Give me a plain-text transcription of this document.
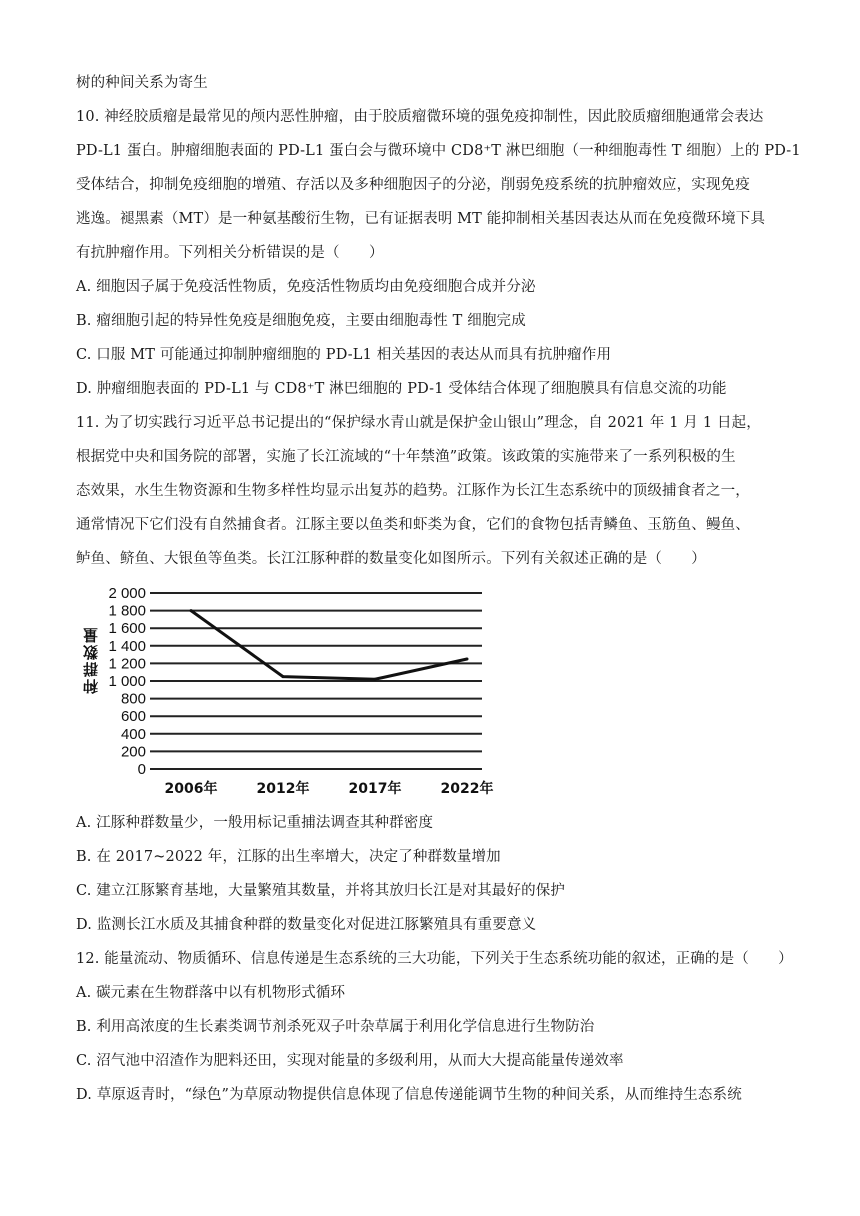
树的种间关系为寄生
10. 神经胶质瘤是最常见的颅内恶性肿瘤，由于胶质瘤微环境的强免疫抑制性，因此胶质瘤细胞通常会表达
PD-L1 蛋白。肿瘤细胞表面的 PD-L1 蛋白会与微环境中 CD8⁺T 淋巴细胞（一种细胞毒性 T 细胞）上的 PD-1
受体结合，抑制免疫细胞的增殖、存活以及多种细胞因子的分泌，削弱免疫系统的抗肿瘤效应，实现免疫
逃逸。褪黑素（MT）是一种氨基酸衍生物，已有证据表明 MT 能抑制相关基因表达从而在免疫微环境下具
有抗肿瘤作用。下列相关分析错误的是（　　）
A. 细胞因子属于免疫活性物质，免疫活性物质均由免疫细胞合成并分泌
B. 瘤细胞引起的特异性免疫是细胞免疫，主要由细胞毒性 T 细胞完成
C. 口服 MT 可能通过抑制肿瘤细胞的 PD-L1 相关基因的表达从而具有抗肿瘤作用
D. 肿瘤细胞表面的 PD-L1 与 CD8⁺T 淋巴细胞的 PD-1 受体结合体现了细胞膜具有信息交流的功能
11. 为了切实践行习近平总书记提出的“保护绿水青山就是保护金山银山”理念，自 2021 年 1 月 1 日起，
根据党中央和国务院的部署，实施了长江流域的“十年禁渔”政策。该政策的实施带来了一系列积极的生
态效果，水生生物资源和生物多样性均显示出复苏的趋势。江豚作为长江生态系统中的顶级捕食者之一，
通常情况下它们没有自然捕食者。江豚主要以鱼类和虾类为食，它们的食物包括青鳞鱼、玉筋鱼、鳗鱼、
鲈鱼、鲚鱼、大银鱼等鱼类。长江江豚种群的数量变化如图所示。下列有关叙述正确的是（　　）
0
200
400
600
800
1 000
1 200
1 400
1 600
1 800
2 000
2006年	2012年	2017年	2022年
种群数量
A. 江豚种群数量少，一般用标记重捕法调查其种群密度
B. 在 2017~2022 年，江豚的出生率增大，决定了种群数量增加
C. 建立江豚繁育基地，大量繁殖其数量，并将其放归长江是对其最好的保护
D. 监测长江水质及其捕食种群的数量变化对促进江豚繁殖具有重要意义
12. 能量流动、物质循环、信息传递是生态系统的三大功能，下列关于生态系统功能的叙述，正确的是（　　）
A. 碳元素在生物群落中以有机物形式循环
B. 利用高浓度的生长素类调节剂杀死双子叶杂草属于利用化学信息进行生物防治
C. 沼气池中沼渣作为肥料还田，实现对能量的多级利用，从而大大提高能量传递效率
D. 草原返青时，“绿色”为草原动物提供信息体现了信息传递能调节生物的种间关系，从而维持生态系统
